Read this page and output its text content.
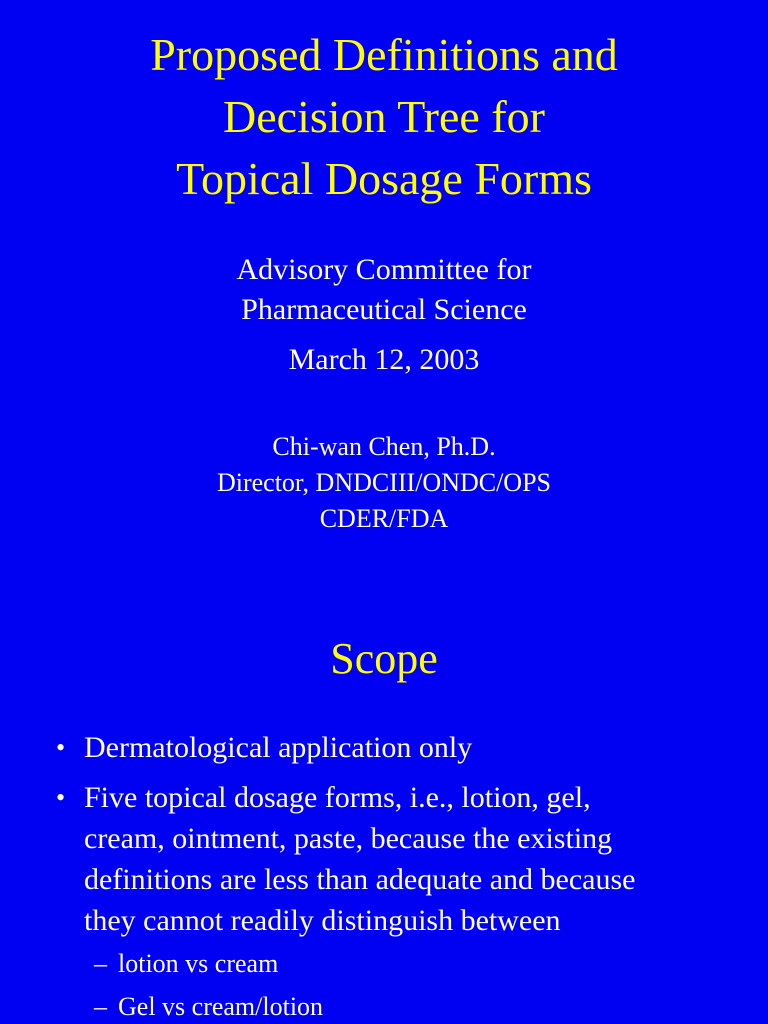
Proposed Definitions and
Decision Tree for
Topical Dosage Forms
Advisory Committee for
Pharmaceutical Science
March 12, 2003
Chi-wan Chen, Ph.D.
Director, DNDCIII/ONDC/OPS
CDER/FDA
Scope
• Dermatological application only
• Five topical dosage forms, i.e., lotion, gel,
cream, ointment, paste, because the existing
definitions are less than adequate and because
they cannot readily distinguish between
– lotion vs cream
– Gel vs cream/lotion
